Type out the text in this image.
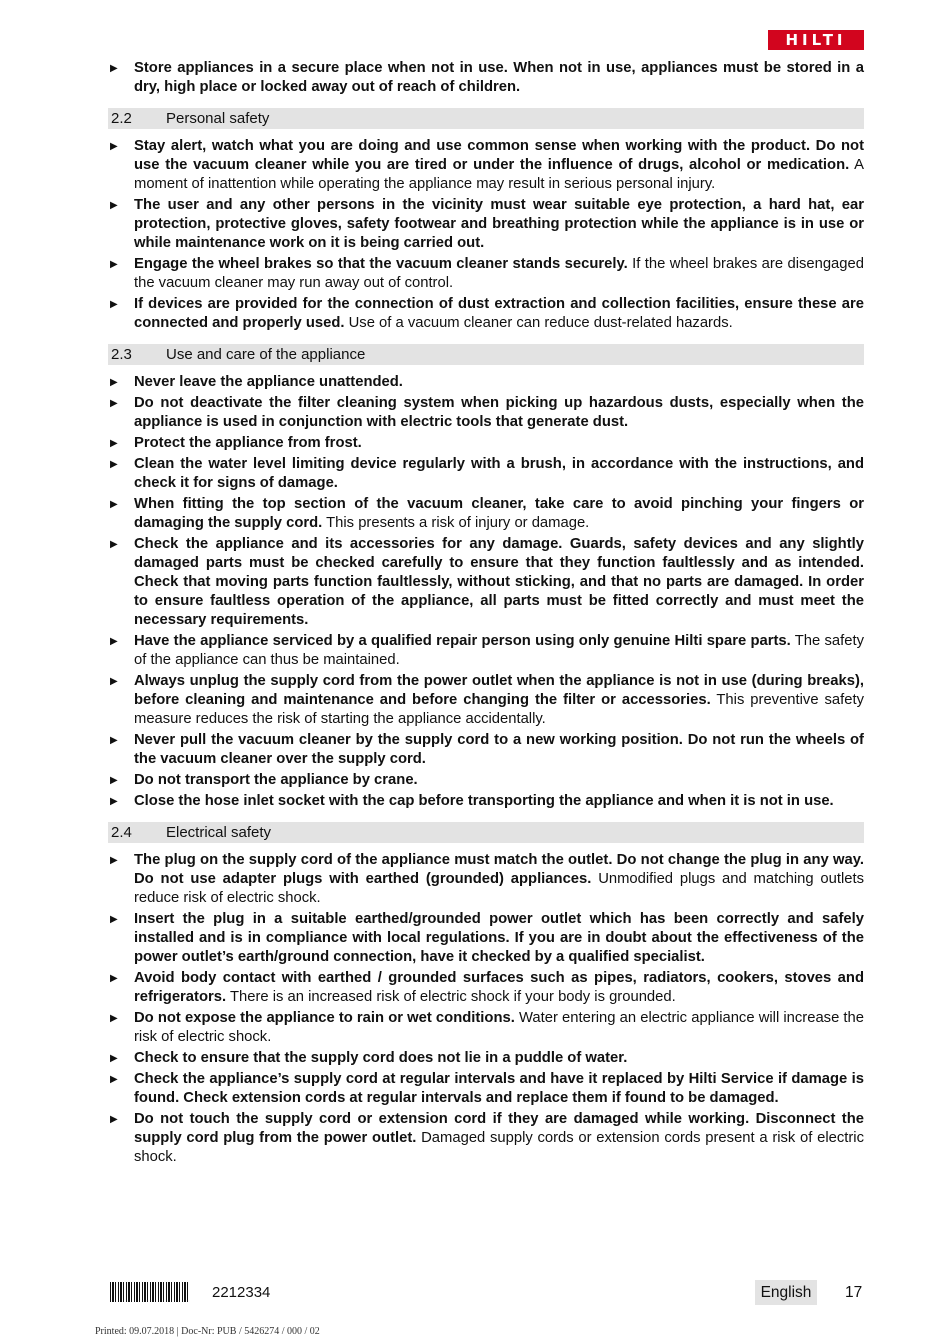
HILTI
▶ Store appliances in a secure place when not in use. When not in use, appliances must be stored in a dry, high place or locked away out of reach of children.
2.2 Personal safety
▶ Stay alert, watch what you are doing and use common sense when working with the product. Do not use the vacuum cleaner while you are tired or under the influence of drugs, alcohol or medication. A moment of inattention while operating the appliance may result in serious personal injury.
▶ The user and any other persons in the vicinity must wear suitable eye protection, a hard hat, ear protection, protective gloves, safety footwear and breathing protection while the appliance is in use or while maintenance work on it is being carried out.
▶ Engage the wheel brakes so that the vacuum cleaner stands securely. If the wheel brakes are disengaged the vacuum cleaner may run away out of control.
▶ If devices are provided for the connection of dust extraction and collection facilities, ensure these are connected and properly used. Use of a vacuum cleaner can reduce dust-related hazards.
2.3 Use and care of the appliance
▶ Never leave the appliance unattended.
▶ Do not deactivate the filter cleaning system when picking up hazardous dusts, especially when the appliance is used in conjunction with electric tools that generate dust.
▶ Protect the appliance from frost.
▶ Clean the water level limiting device regularly with a brush, in accordance with the instructions, and check it for signs of damage.
▶ When fitting the top section of the vacuum cleaner, take care to avoid pinching your fingers or damaging the supply cord. This presents a risk of injury or damage.
▶ Check the appliance and its accessories for any damage. Guards, safety devices and any slightly damaged parts must be checked carefully to ensure that they function faultlessly and as intended. Check that moving parts function faultlessly, without sticking, and that no parts are damaged. In order to ensure faultless operation of the appliance, all parts must be fitted correctly and must meet the necessary requirements.
▶ Have the appliance serviced by a qualified repair person using only genuine Hilti spare parts. The safety of the appliance can thus be maintained.
▶ Always unplug the supply cord from the power outlet when the appliance is not in use (during breaks), before cleaning and maintenance and before changing the filter or accessories. This preventive safety measure reduces the risk of starting the appliance accidentally.
▶ Never pull the vacuum cleaner by the supply cord to a new working position. Do not run the wheels of the vacuum cleaner over the supply cord.
▶ Do not transport the appliance by crane.
▶ Close the hose inlet socket with the cap before transporting the appliance and when it is not in use.
2.4 Electrical safety
▶ The plug on the supply cord of the appliance must match the outlet. Do not change the plug in any way. Do not use adapter plugs with earthed (grounded) appliances. Unmodified plugs and matching outlets reduce risk of electric shock.
▶ Insert the plug in a suitable earthed/grounded power outlet which has been correctly and safely installed and is in compliance with local regulations. If you are in doubt about the effectiveness of the power outlet’s earth/ground connection, have it checked by a qualified specialist.
▶ Avoid body contact with earthed / grounded surfaces such as pipes, radiators, cookers, stoves and refrigerators. There is an increased risk of electric shock if your body is grounded.
▶ Do not expose the appliance to rain or wet conditions. Water entering an electric appliance will increase the risk of electric shock.
▶ Check to ensure that the supply cord does not lie in a puddle of water.
▶ Check the appliance’s supply cord at regular intervals and have it replaced by Hilti Service if damage is found. Check extension cords at regular intervals and replace them if found to be damaged.
▶ Do not touch the supply cord or extension cord if they are damaged while working. Disconnect the supply cord plug from the power outlet. Damaged supply cords or extension cords present a risk of electric shock.
2212334	English	17
Printed: 09.07.2018 | Doc-Nr: PUB / 5426274 / 000 / 02
